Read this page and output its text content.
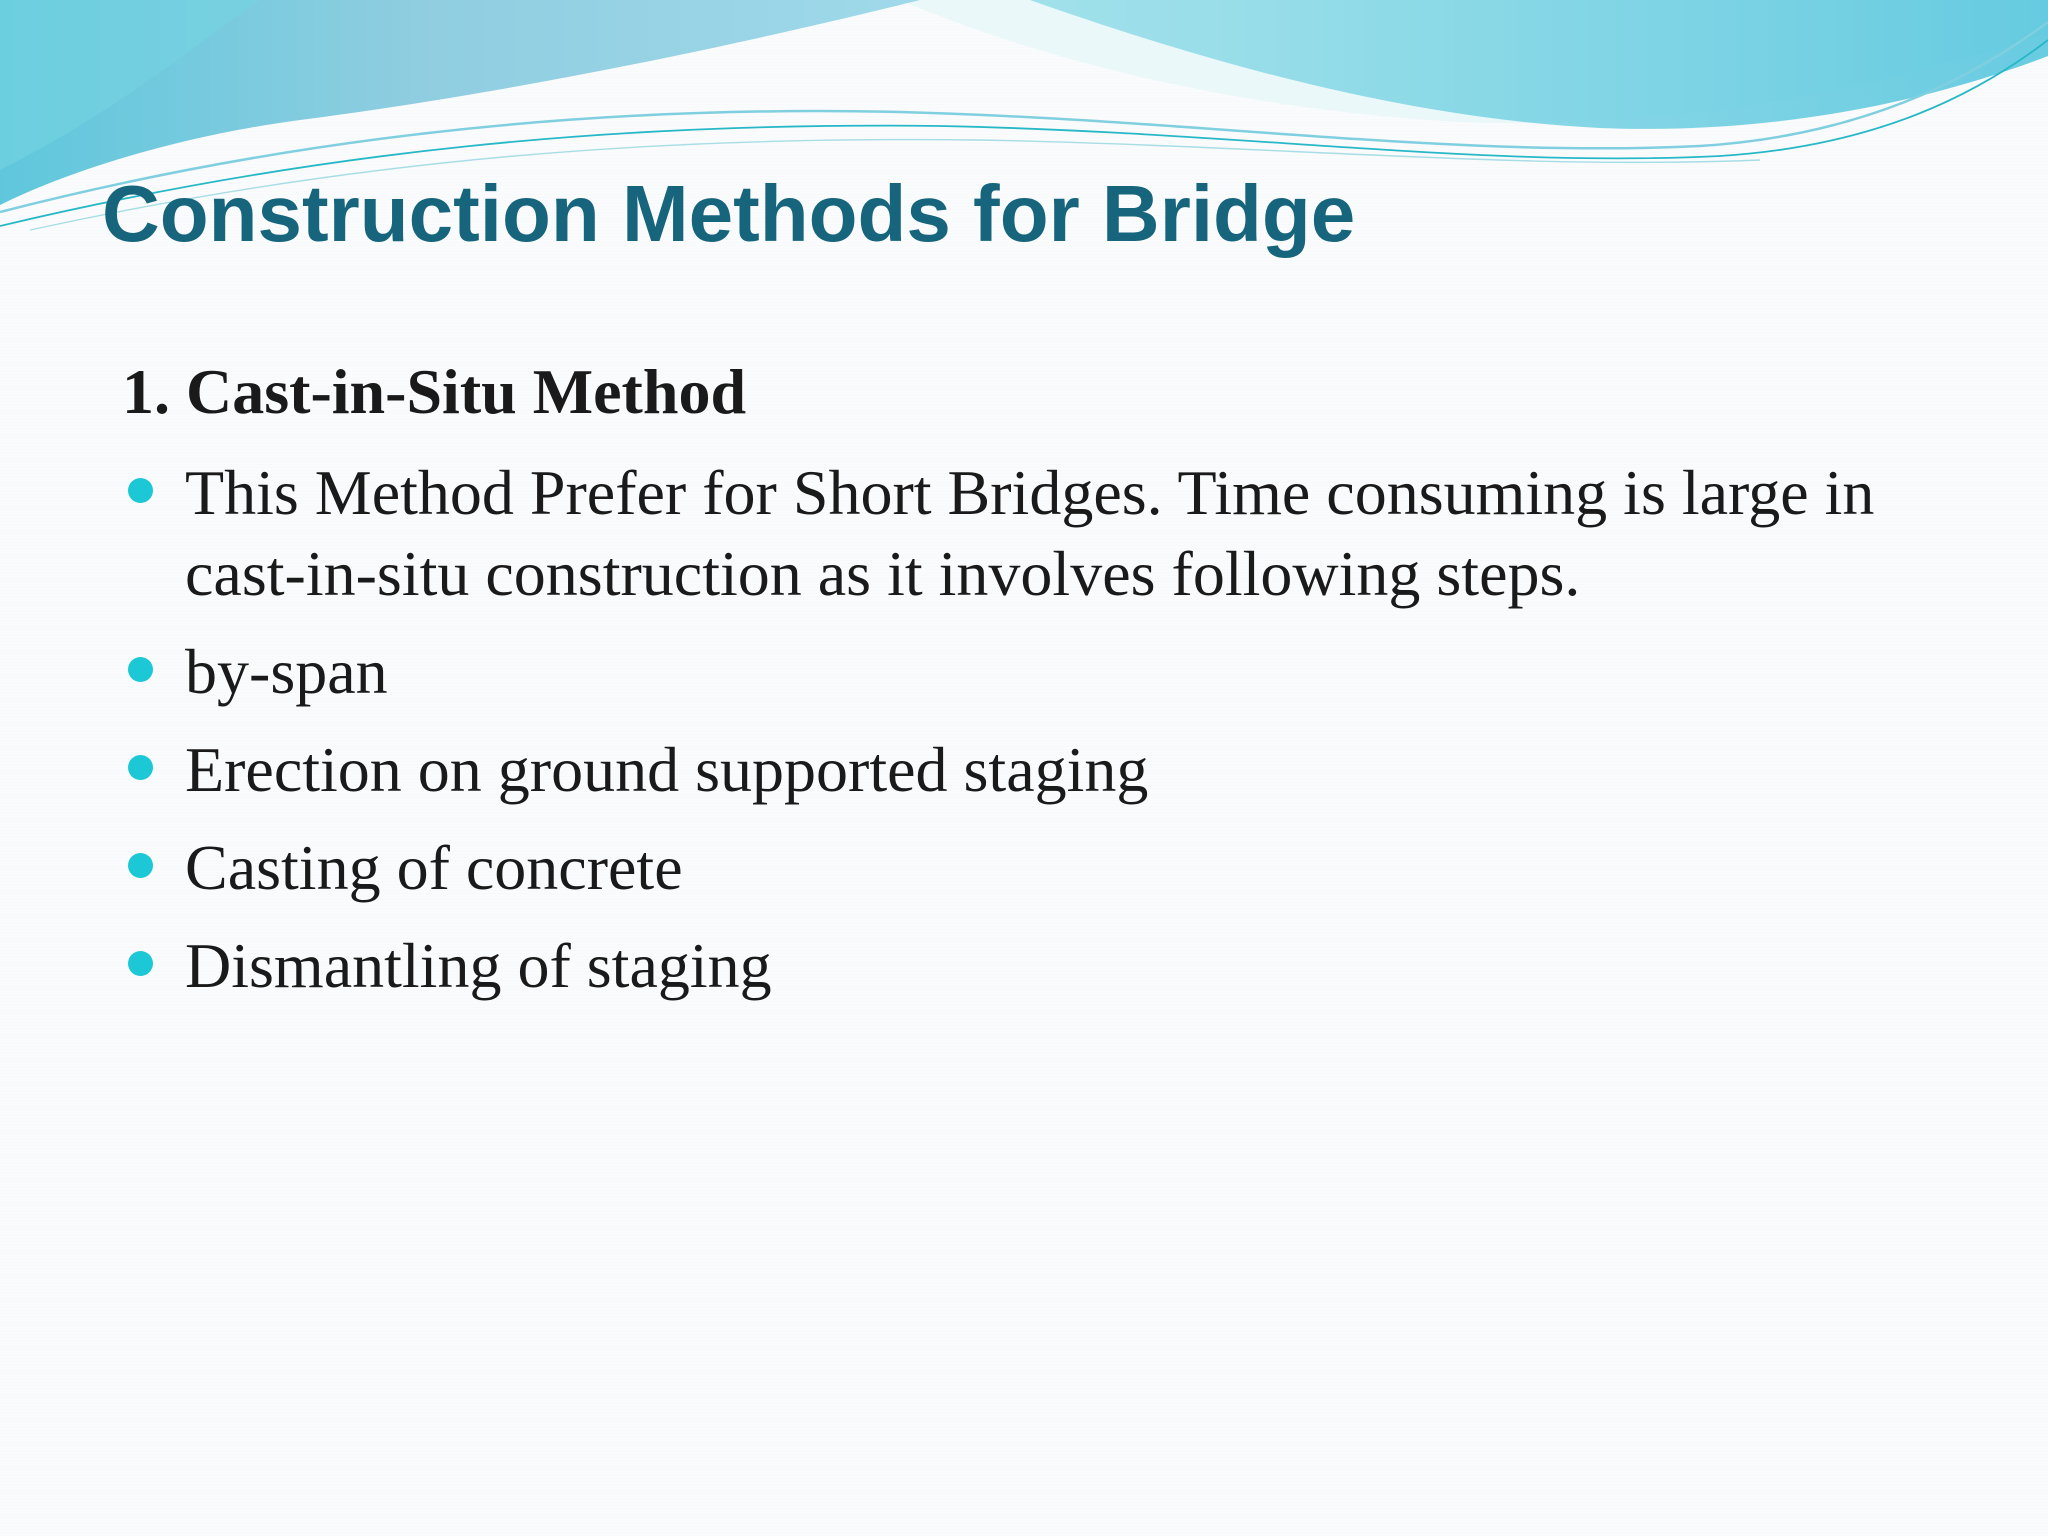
Construction Methods for Bridge
1. Cast-in-Situ Method
This Method Prefer for Short Bridges. Time consuming is large in cast-in-situ construction as it involves following steps.
by-span
Erection on ground supported staging
Casting of concrete
Dismantling of staging
